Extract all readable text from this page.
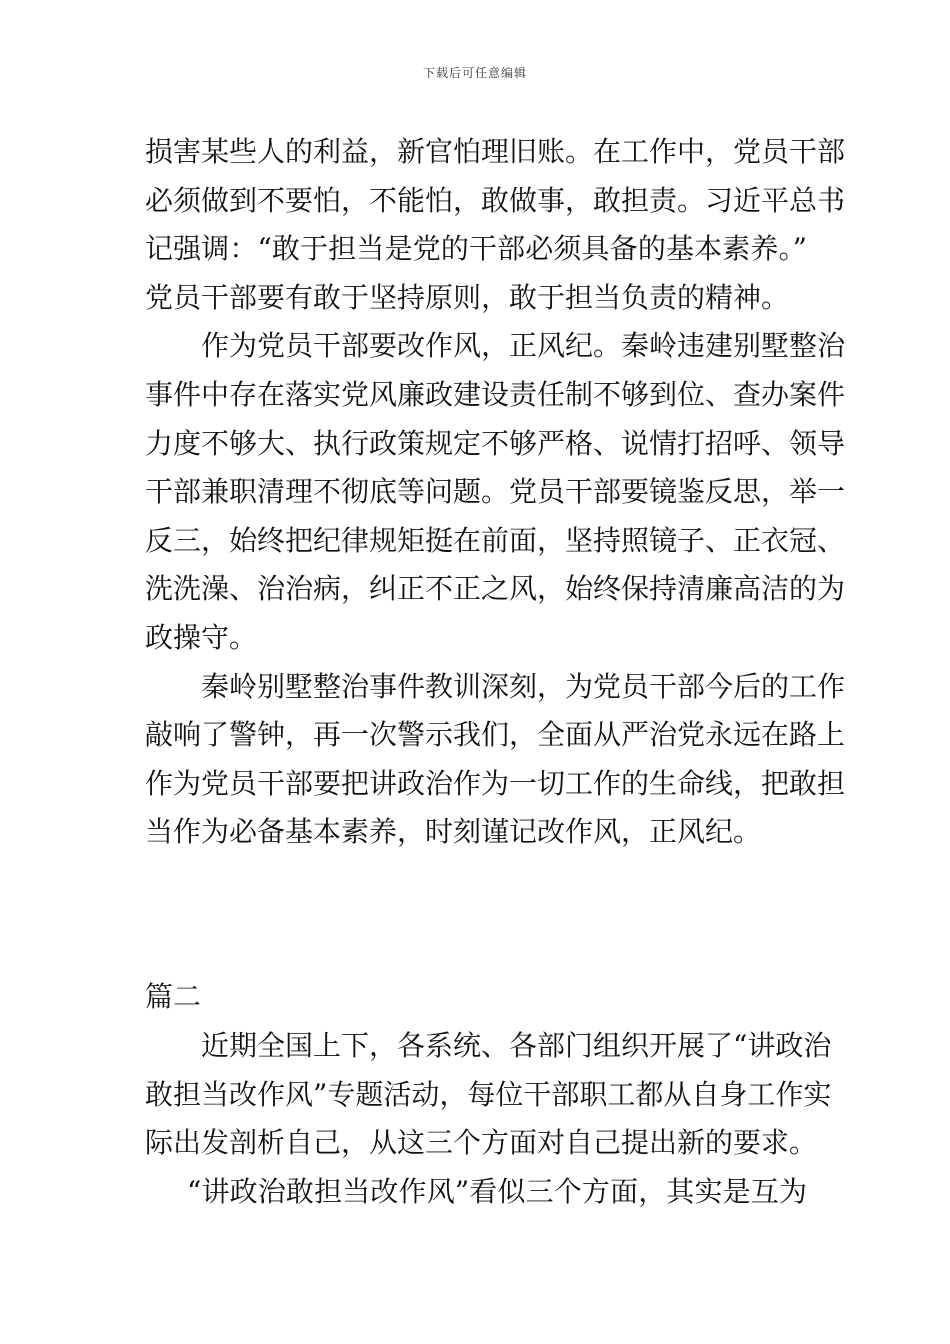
下载后可任意编辑
损害某些人的利益，新官怕理旧账。在工作中，党员干部
必须做到不要怕，不能怕，敢做事，敢担责。习近平总书
记强调：“敢于担当是党的干部必须具备的基本素养。”
党员干部要有敢于坚持原则，敢于担当负责的精神。
作为党员干部要改作风，正风纪。秦岭违建别墅整治
事件中存在落实党风廉政建设责任制不够到位、查办案件
力度不够大、执行政策规定不够严格、说情打招呼、领导
干部兼职清理不彻底等问题。党员干部要镜鉴反思，举一
反三，始终把纪律规矩挺在前面，坚持照镜子、正衣冠、
洗洗澡、治治病，纠正不正之风，始终保持清廉高洁的为
政操守。
秦岭别墅整治事件教训深刻，为党员干部今后的工作
敲响了警钟，再一次警示我们，全面从严治党永远在路上
作为党员干部要把讲政治作为一切工作的生命线，把敢担
当作为必备基本素养，时刻谨记改作风，正风纪。
篇二
近期全国上下，各系统、各部门组织开展了“讲政治
敢担当改作风”专题活动，每位干部职工都从自身工作实
际出发剖析自己，从这三个方面对自己提出新的要求。
“讲政治敢担当改作风”看似三个方面，其实是互为
